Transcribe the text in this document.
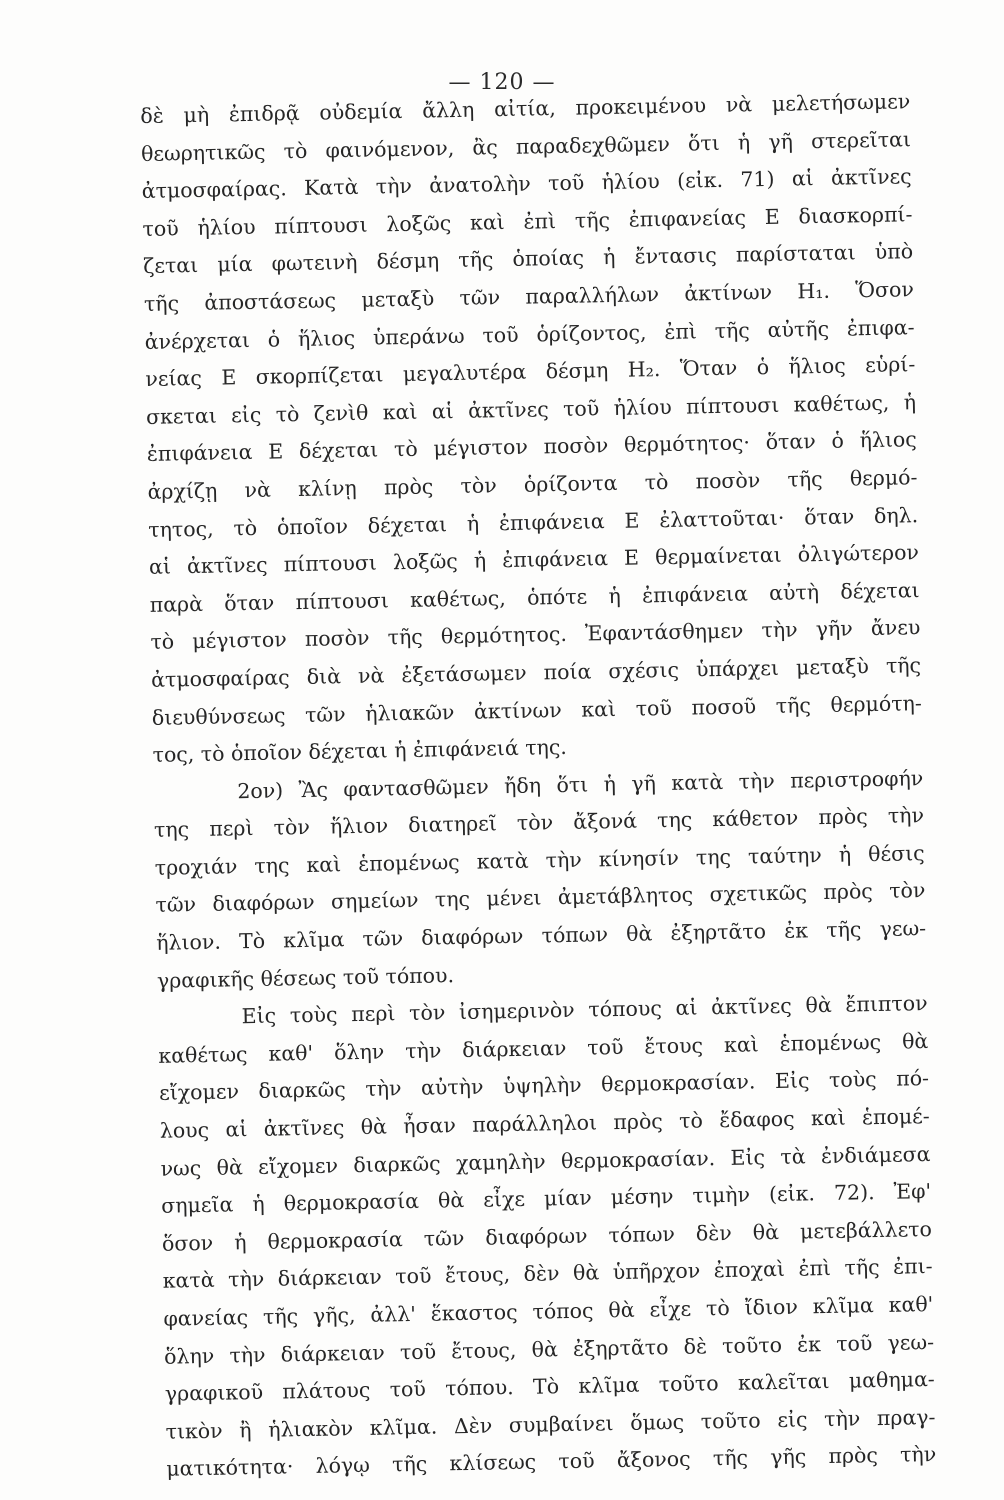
— 120 —
δὲ μὴ ἐπιδρᾷ οὐδεμία ἄλλη αἰτία, προκειμένου νὰ μελετήσωμεν
θεωρητικῶς τὸ φαινόμενον, ἂς παραδεχθῶμεν ὅτι ἡ γῆ στερεῖται
ἀτμοσφαίρας. Κατὰ τὴν ἀνατολὴν τοῦ ἡλίου (εἰκ. 71) αἱ ἀκτῖνες
τοῦ ἡλίου πίπτουσι λοξῶς καὶ ἐπὶ τῆς ἐπιφανείας Ε διασκορπί-
ζεται μία φωτεινὴ δέσμη τῆς ὁποίας ἡ ἔντασις παρίσταται ὑπὸ
τῆς ἀποστάσεως μεταξὺ τῶν παραλλήλων ἀκτίνων Η₁. Ὅσον
ἀνέρχεται ὁ ἥλιος ὑπεράνω τοῦ ὁρίζοντος, ἐπὶ τῆς αὐτῆς ἐπιφα-
νείας Ε σκορπίζεται μεγαλυτέρα δέσμη Η₂. Ὅταν ὁ ἥλιος εὑρί-
σκεται εἰς τὸ ζενὶθ καὶ αἱ ἀκτῖνες τοῦ ἡλίου πίπτουσι καθέτως, ἡ
ἐπιφάνεια Ε δέχεται τὸ μέγιστον ποσὸν θερμότητος· ὅταν ὁ ἥλιος
ἀρχίζῃ νὰ κλίνῃ πρὸς τὸν ὁρίζοντα τὸ ποσὸν τῆς θερμό-
τητος, τὸ ὁποῖον δέχεται ἡ ἐπιφάνεια Ε ἐλαττοῦται· ὅταν δηλ.
αἱ ἀκτῖνες πίπτουσι λοξῶς ἡ ἐπιφάνεια Ε θερμαίνεται ὀλιγώτερον
παρὰ ὅταν πίπτουσι καθέτως, ὁπότε ἡ ἐπιφάνεια αὐτὴ δέχεται
τὸ μέγιστον ποσὸν τῆς θερμότητος. Ἐφαντάσθημεν τὴν γῆν ἄνευ
ἀτμοσφαίρας διὰ νὰ ἐξετάσωμεν ποία σχέσις ὑπάρχει μεταξὺ τῆς
διευθύνσεως τῶν ἡλιακῶν ἀκτίνων καὶ τοῦ ποσοῦ τῆς θερμότη-
τος, τὸ ὁποῖον δέχεται ἡ ἐπιφάνειά της.
2ον) Ἂς φαντασθῶμεν ἤδη ὅτι ἡ γῆ κατὰ τὴν περιστροφήν
της περὶ τὸν ἥλιον διατηρεῖ τὸν ἄξονά της κάθετον πρὸς τὴν
τροχιάν της καὶ ἑπομένως κατὰ τὴν κίνησίν της ταύτην ἡ θέσις
τῶν διαφόρων σημείων της μένει ἀμετάβλητος σχετικῶς πρὸς τὸν
ἥλιον. Τὸ κλῖμα τῶν διαφόρων τόπων θὰ ἐξηρτᾶτο ἐκ τῆς γεω-
γραφικῆς θέσεως τοῦ τόπου.
Εἰς τοὺς περὶ τὸν ἰσημερινὸν τόπους αἱ ἀκτῖνες θὰ ἔπιπτον
καθέτως καθ' ὅλην τὴν διάρκειαν τοῦ ἔτους καὶ ἑπομένως θὰ
εἴχομεν διαρκῶς τὴν αὐτὴν ὑψηλὴν θερμοκρασίαν. Εἰς τοὺς πό-
λους αἱ ἀκτῖνες θὰ ἦσαν παράλληλοι πρὸς τὸ ἔδαφος καὶ ἑπομέ-
νως θὰ εἴχομεν διαρκῶς χαμηλὴν θερμοκρασίαν. Εἰς τὰ ἐνδιάμεσα
σημεῖα ἡ θερμοκρασία θὰ εἶχε μίαν μέσην τιμὴν (εἰκ. 72). Ἐφ'
ὅσον ἡ θερμοκρασία τῶν διαφόρων τόπων δὲν θὰ μετεβάλλετο
κατὰ τὴν διάρκειαν τοῦ ἔτους, δὲν θὰ ὑπῆρχον ἐποχαὶ ἐπὶ τῆς ἐπι-
φανείας τῆς γῆς, ἀλλ' ἕκαστος τόπος θὰ εἶχε τὸ ἴδιον κλῖμα καθ'
ὅλην τὴν διάρκειαν τοῦ ἔτους, θὰ ἐξηρτᾶτο δὲ τοῦτο ἐκ τοῦ γεω-
γραφικοῦ πλάτους τοῦ τόπου. Τὸ κλῖμα τοῦτο καλεῖται μαθημα-
τικὸν ἢ ἡλιακὸν κλῖμα. Δὲν συμβαίνει ὅμως τοῦτο εἰς τὴν πραγ-
ματικότητα· λόγῳ τῆς κλίσεως τοῦ ἄξονος τῆς γῆς πρὸς τὴν
